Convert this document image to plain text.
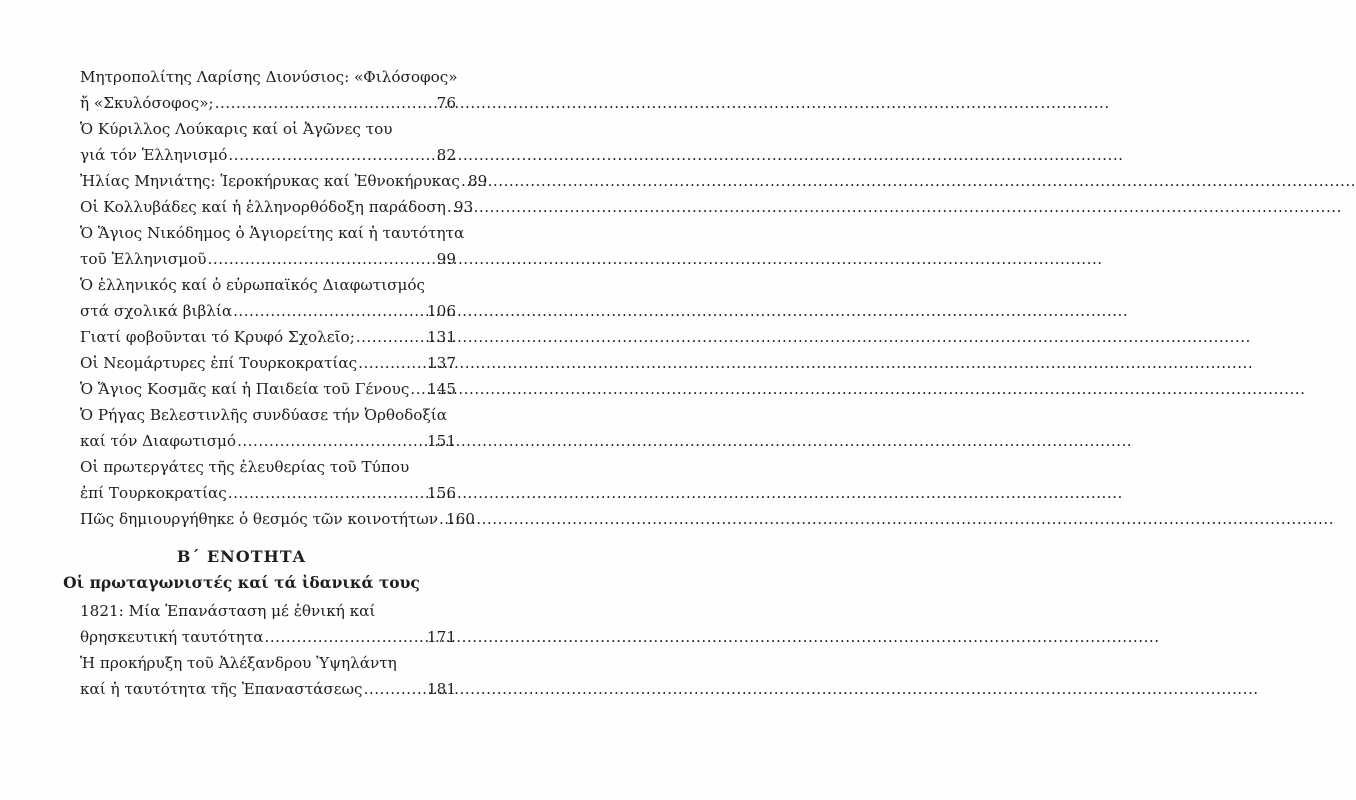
Μητροπολίτης Λαρίσης Διονύσιος: «Φιλόσοφος»
ἤ «Σκυλόσοφος»; .....	76
Ὁ Κύριλλος Λούκαρις καί οἱ Ἀγῶνες του
γιά τόν Ἑλληνισμό .....	82
Ἠλίας Μηνιάτης: Ἱεροκήρυκας καί Ἐθνοκήρυκας ..... 89
Οἱ Κολλυβάδες καί ἡ ἑλληνορθόδοξη παράδοση ..... 93
Ὁ Ἅγιος Νικόδημος ὁ Ἁγιορείτης καί ἡ ταυτότητα
τοῦ Ἑλληνισμοῦ .....	99
Ὁ ἑλληνικός καί ὁ εὐρωπαϊκός Διαφωτισμός
στά σχολικά βιβλία .....	106
Γιατί φοβοῦνται τό Κρυφό Σχολεῖο; .....	131
Οἱ Νεομάρτυρες ἐπί Τουρκοκρατίας .....	137
Ὁ Ἅγιος Κοσμᾶς καί ἡ Παιδεία τοῦ Γένους ..... 145
Ὁ Ρήγας Βελεστινλῆς συνδύασε τήν Ὀρθοδοξία
καί τόν Διαφωτισμό .....	151
Οἱ πρωτεργάτες τῆς ἐλευθερίας τοῦ Τύπου
ἐπί Τουρκοκρατίας .....	156
Πῶς δημιουργήθηκε ὁ θεσμός τῶν κοινοτήτων ..... 160
Β΄ ΕΝΟΤΗΤΑ
Οἱ πρωταγωνιστές καί τά ἰδανικά τους
1821: Μία Ἐπανάσταση μέ ἐθνική καί
θρησκευτική ταυτότητα .....	171
Ἡ προκήρυξη τοῦ Ἀλέξανδρου Ὑψηλάντη
καί ἡ ταυτότητα τῆς Ἐπαναστάσεως .....	181
